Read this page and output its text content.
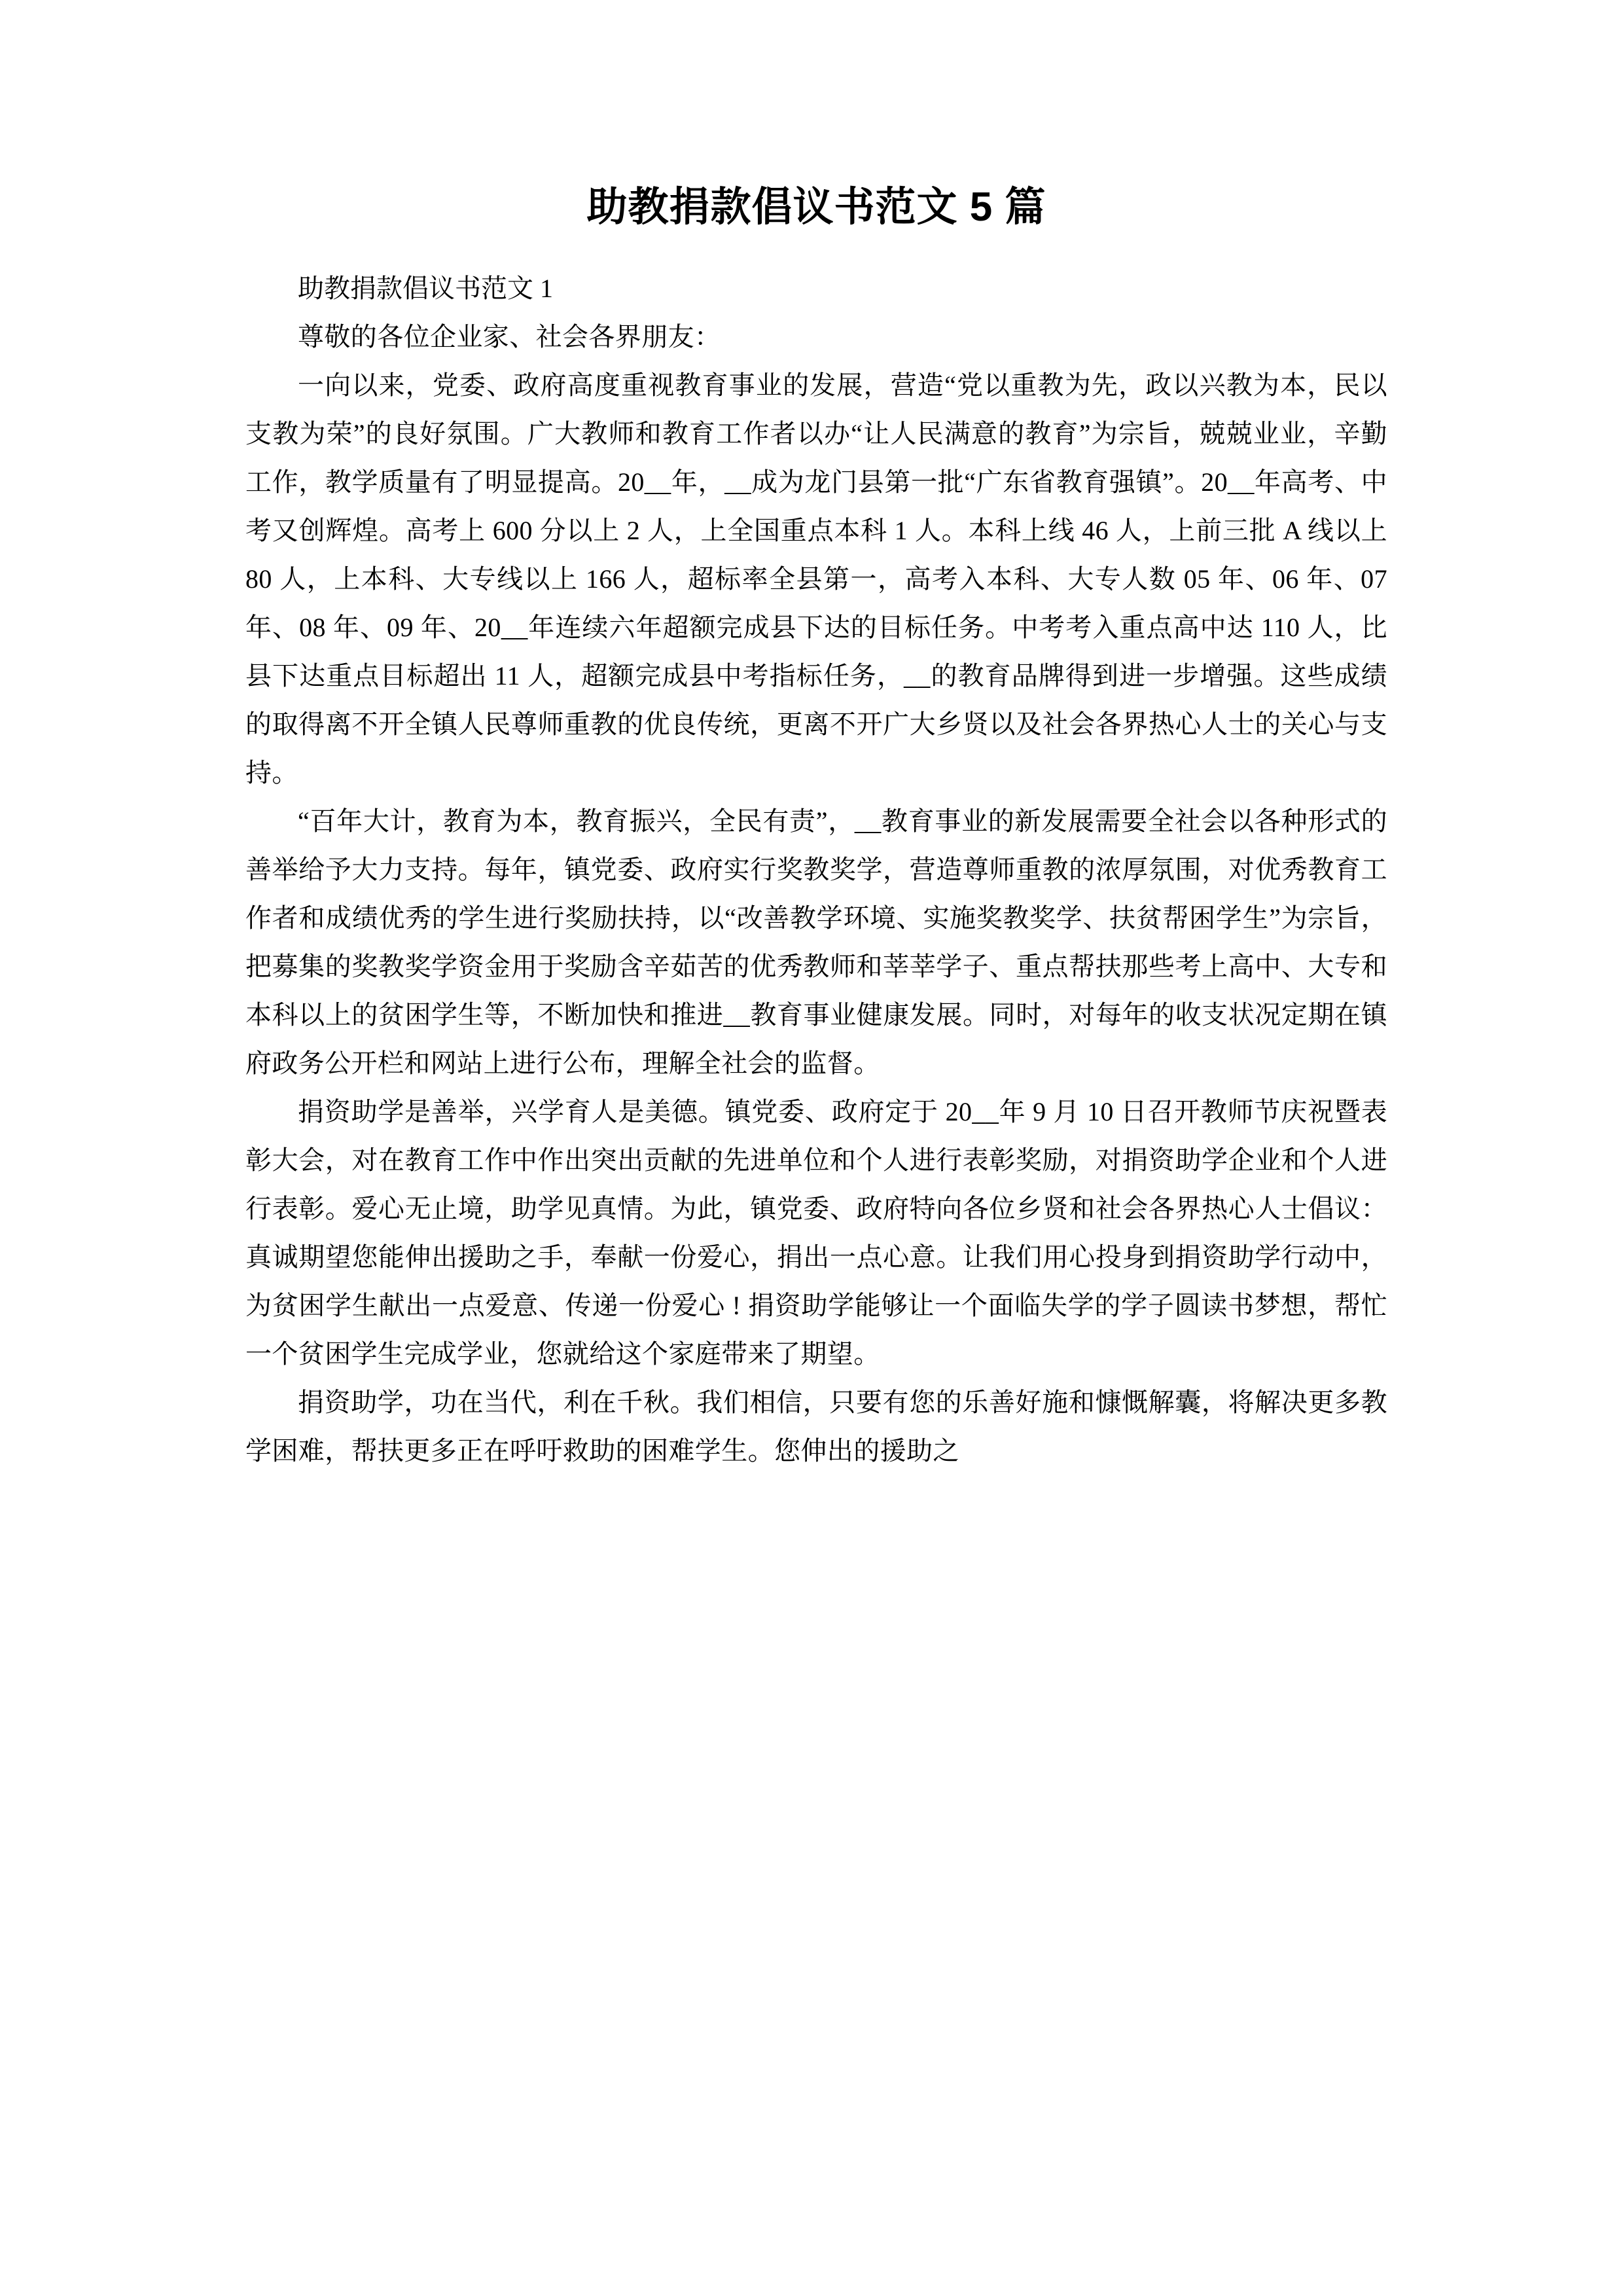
助教捐款倡议书范文 5 篇

助教捐款倡议书范文 1

尊敬的各位企业家、社会各界朋友：

一向以来，党委、政府高度重视教育事业的发展，营造“党以重教为先，政以兴教为本，民以支教为荣”的良好氛围。广大教师和教育工作者以办“让人民满意的教育”为宗旨，兢兢业业，辛勤工作，教学质量有了明显提高。20__年，__成为龙门县第一批“广东省教育强镇”。20__年高考、中考又创辉煌。高考上 600 分以上 2 人，上全国重点本科 1 人。本科上线 46 人，上前三批 A 线以上 80 人，上本科、大专线以上 166 人，超标率全县第一，高考入本科、大专人数 05 年、06 年、07 年、08 年、09 年、20__年连续六年超额完成县下达的目标任务。中考考入重点高中达 110 人，比县下达重点目标超出 11 人，超额完成县中考指标任务，__的教育品牌得到进一步增强。这些成绩的取得离不开全镇人民尊师重教的优良传统，更离不开广大乡贤以及社会各界热心人士的关心与支持。

“百年大计，教育为本，教育振兴，全民有责”，__教育事业的新发展需要全社会以各种形式的善举给予大力支持。每年，镇党委、政府实行奖教奖学，营造尊师重教的浓厚氛围，对优秀教育工作者和成绩优秀的学生进行奖励扶持，以“改善教学环境、实施奖教奖学、扶贫帮困学生”为宗旨，把募集的奖教奖学资金用于奖励含辛茹苦的优秀教师和莘莘学子、重点帮扶那些考上高中、大专和本科以上的贫困学生等，不断加快和推进__教育事业健康发展。同时，对每年的收支状况定期在镇府政务公开栏和网站上进行公布，理解全社会的监督。

捐资助学是善举，兴学育人是美德。镇党委、政府定于 20__年 9 月 10 日召开教师节庆祝暨表彰大会，对在教育工作中作出突出贡献的先进单位和个人进行表彰奖励，对捐资助学企业和个人进行表彰。爱心无止境，助学见真情。为此，镇党委、政府特向各位乡贤和社会各界热心人士倡议：真诚期望您能伸出援助之手，奉献一份爱心，捐出一点心意。让我们用心投身到捐资助学行动中，为贫困学生献出一点爱意、传递一份爱心 ! 捐资助学能够让一个面临失学的学子圆读书梦想，帮忙一个贫困学生完成学业，您就给这个家庭带来了期望。

捐资助学，功在当代，利在千秋。我们相信，只要有您的乐善好施和慷慨解囊，将解决更多教学困难，帮扶更多正在呼吁救助的困难学生。您伸出的援助之
